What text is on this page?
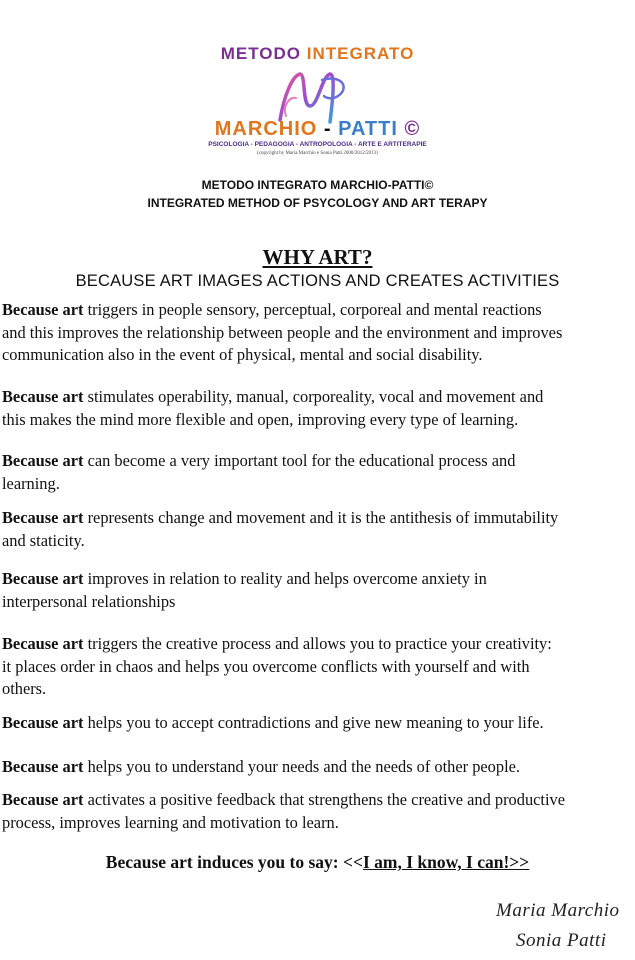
METODO INTEGRATO
MARCHIO - PATTI ©
PSICOLOGIA - PEDAGOGIA - ANTROPOLOGIA - ARTE E ARTITERAPIE
(copyright by Maria Marchio e Sonia Patti 2000/2012/2013)
METODO INTEGRATO MARCHIO-PATTI©
INTEGRATED METHOD OF PSYCOLOGY AND ART TERAPY
WHY ART?
BECAUSE ART IMAGES ACTIONS AND CREATES ACTIVITIES
Because art triggers in people sensory, perceptual, corporeal and mental reactions
and this improves the relationship between people and the environment and improves
communication also in the event of physical, mental and social disability.
Because art stimulates operability, manual, corporeality, vocal and movement and
this makes the mind more flexible and open, improving every type of learning.
Because art can become a very important tool for the educational process and
learning.
Because art represents change and movement and it is the antithesis of immutability
and staticity.
Because art improves in relation to reality and helps overcome anxiety in
interpersonal relationships
Because art triggers the creative process and allows you to practice your creativity:
it places order in chaos and helps you overcome conflicts with yourself and with
others.
Because art helps you to accept contradictions and give new meaning to your life.
Because art helps you to understand your needs and the needs of other people.
Because art activates a positive feedback that strengthens the creative and productive
process, improves learning and motivation to learn.
Because art induces you to say: <<I am, I know, I can!>>
Maria Marchio
Sonia Patti
